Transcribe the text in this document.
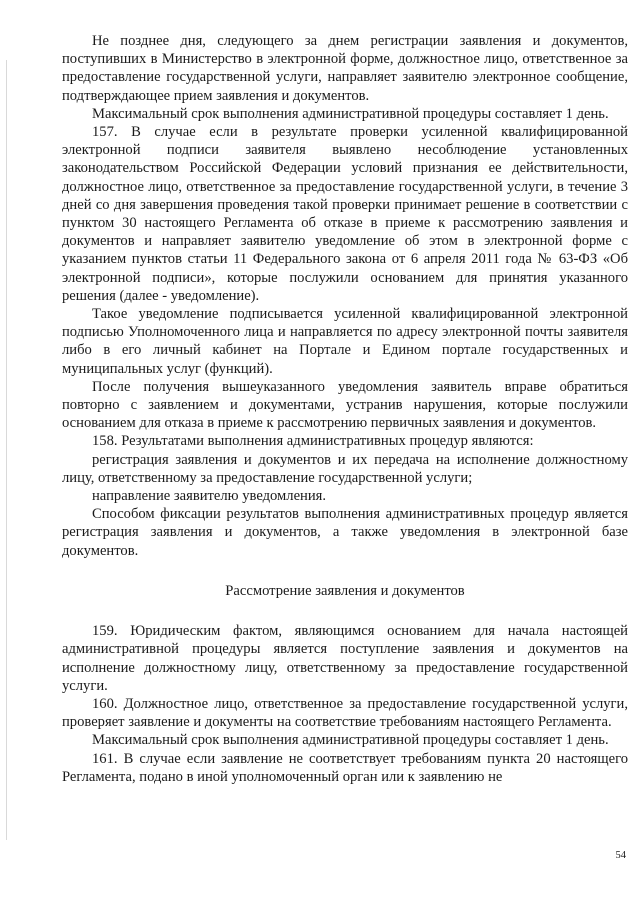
Не позднее дня, следующего за днем регистрации заявления и документов, поступивших в Министерство в электронной форме, должностное лицо, ответственное за предоставление государственной услуги, направляет заявителю электронное сообщение, подтверждающее прием заявления и документов.

Максимальный срок выполнения административной процедуры составляет 1 день.

157. В случае если в результате проверки усиленной квалифицированной электронной подписи заявителя выявлено несоблюдение установленных законодательством Российской Федерации условий признания ее действительности, должностное лицо, ответственное за предоставление государственной услуги, в течение 3 дней со дня завершения проведения такой проверки принимает решение в соответствии с пунктом 30 настоящего Регламента об отказе в приеме к рассмотрению заявления и документов и направляет заявителю уведомление об этом в электронной форме с указанием пунктов статьи 11 Федерального закона от 6 апреля 2011 года № 63-ФЗ «Об электронной подписи», которые послужили основанием для принятия указанного решения (далее - уведомление).

Такое уведомление подписывается усиленной квалифицированной электронной подписью Уполномоченного лица и направляется по адресу электронной почты заявителя либо в его личный кабинет на Портале и Едином портале государственных и муниципальных услуг (функций).

После получения вышеуказанного уведомления заявитель вправе обратиться повторно с заявлением и документами, устранив нарушения, которые послужили основанием для отказа в приеме к рассмотрению первичных заявления и документов.

158. Результатами выполнения административных процедур являются:

регистрация заявления и документов и их передача на исполнение должностному лицу, ответственному за предоставление государственной услуги;

направление заявителю уведомления.

Способом фиксации результатов выполнения административных процедур является регистрация заявления и документов, а также уведомления в электронной базе документов.

Рассмотрение заявления и документов

159. Юридическим фактом, являющимся основанием для начала настоящей административной процедуры является поступление заявления и документов на исполнение должностному лицу, ответственному за предоставление государственной услуги.

160. Должностное лицо, ответственное за предоставление государственной услуги, проверяет заявление и документы на соответствие требованиям настоящего Регламента.

Максимальный срок выполнения административной процедуры составляет 1 день.

161. В случае если заявление не соответствует требованиям пункта 20 настоящего Регламента, подано в иной уполномоченный орган или к заявлению не

54
